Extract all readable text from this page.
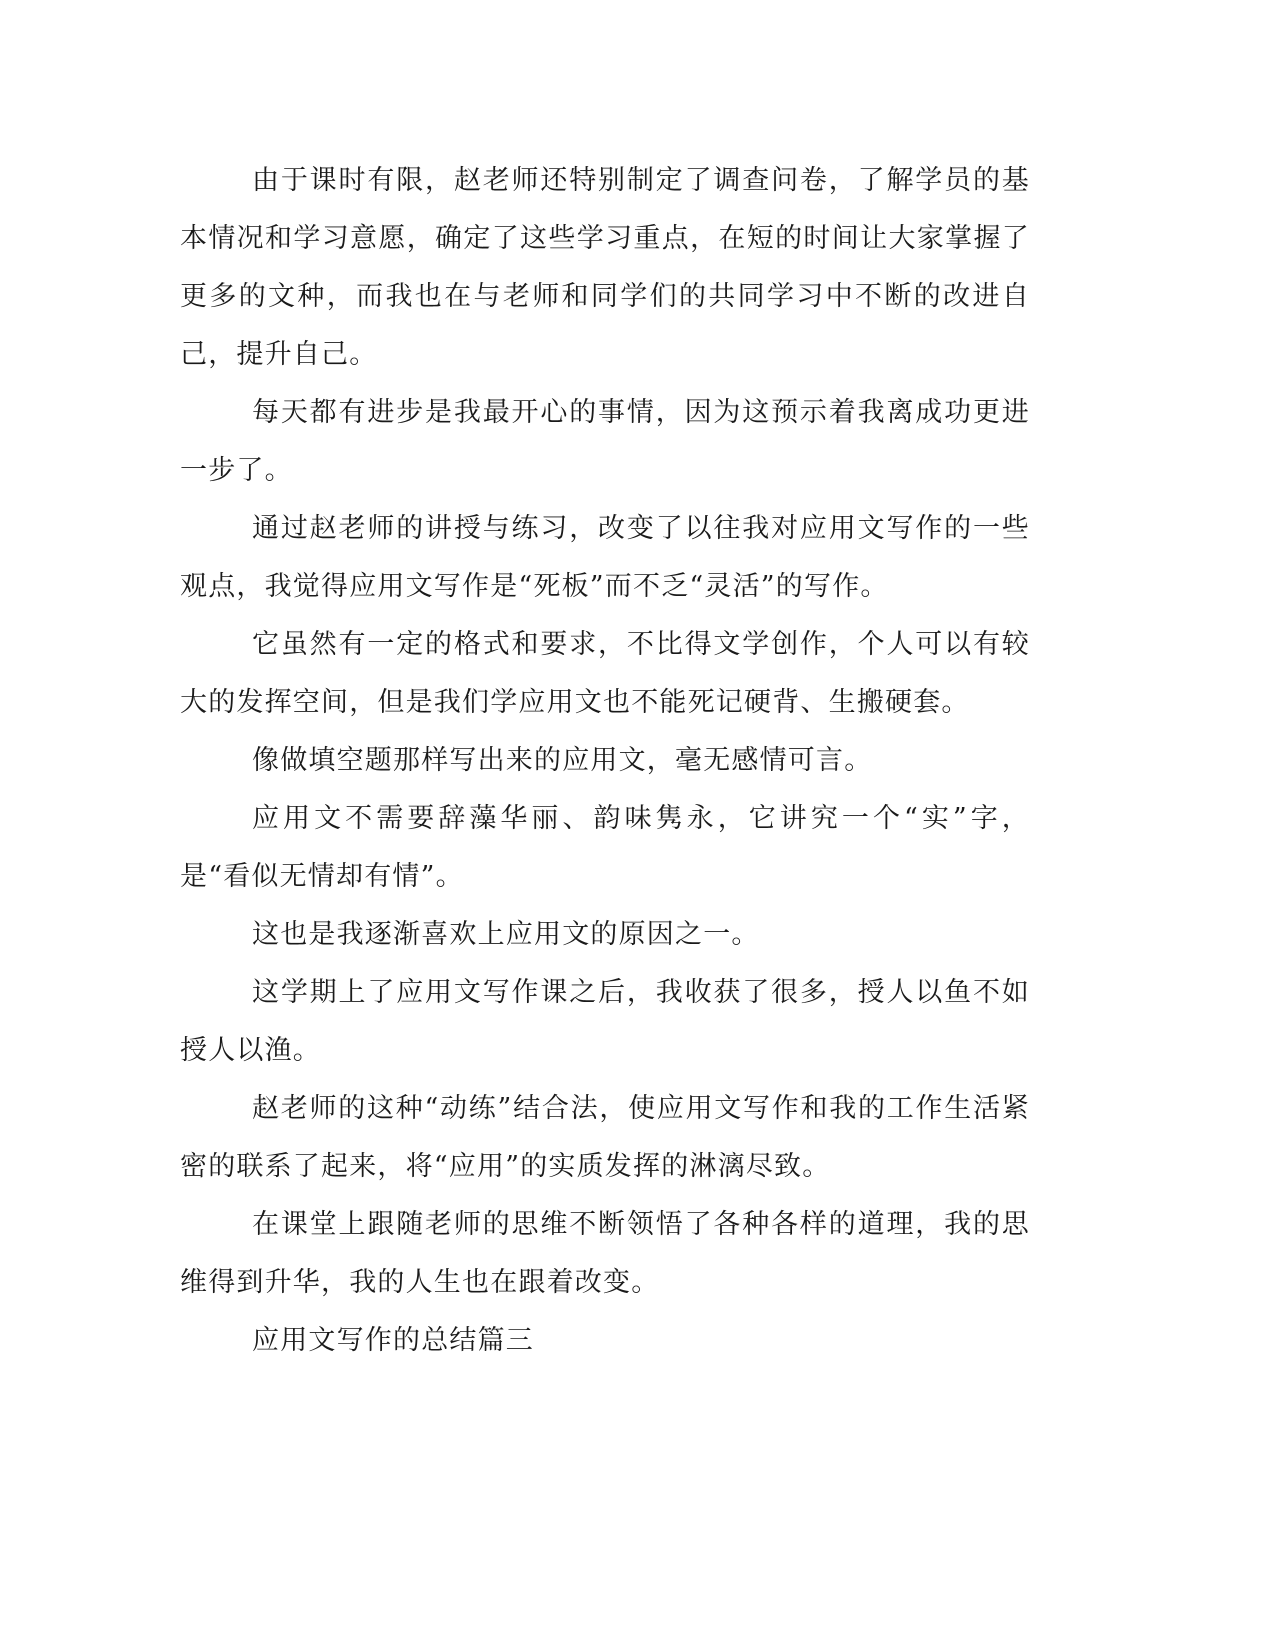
由于课时有限，赵老师还特别制定了调查问卷，了解学员的基本情况和学习意愿，确定了这些学习重点，在短的时间让大家掌握了更多的文种，而我也在与老师和同学们的共同学习中不断的改进自己，提升自己。

每天都有进步是我最开心的事情，因为这预示着我离成功更进一步了。

通过赵老师的讲授与练习，改变了以往我对应用文写作的一些观点，我觉得应用文写作是“死板”而不乏“灵活”的写作。

它虽然有一定的格式和要求，不比得文学创作，个人可以有较大的发挥空间，但是我们学应用文也不能死记硬背、生搬硬套。

像做填空题那样写出来的应用文，毫无感情可言。

应用文不需要辞藻华丽、韵味隽永，它讲究一个“实”字，是“看似无情却有情”。

这也是我逐渐喜欢上应用文的原因之一。

这学期上了应用文写作课之后，我收获了很多，授人以鱼不如授人以渔。

赵老师的这种“动练”结合法，使应用文写作和我的工作生活紧密的联系了起来，将“应用”的实质发挥的淋漓尽致。

在课堂上跟随老师的思维不断领悟了各种各样的道理，我的思维得到升华，我的人生也在跟着改变。

应用文写作的总结篇三
